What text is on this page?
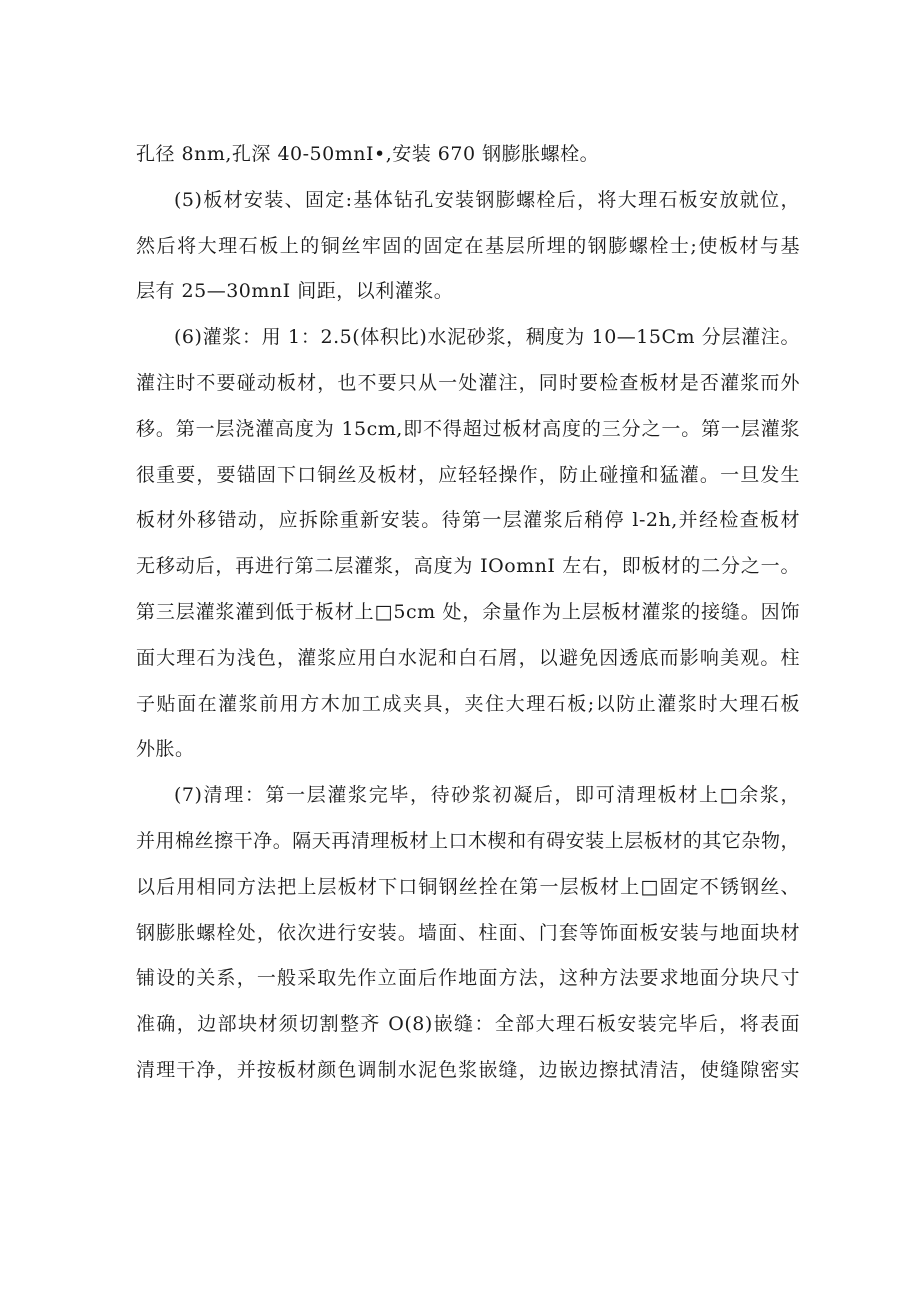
孔径 8nm,孔深 40-50mnI•,安装 670 钢膨胀螺栓。
(5)板材安装、固定:基体钻孔安装钢膨螺栓后，将大理石板安放就位，
然后将大理石板上的铜丝牢固的固定在基层所埋的钢膨螺栓士;使板材与基
层有 25—30mnI 间距，以利灌浆。
(6)灌浆：用 1：2.5(体积比)水泥砂浆，稠度为 10—15Cm 分层灌注。
灌注时不要碰动板材，也不要只从一处灌注，同时要检查板材是否灌浆而外
移。第一层浇灌高度为 15cm,即不得超过板材高度的三分之一。第一层灌浆
很重要，要锚固下口铜丝及板材，应轻轻操作，防止碰撞和猛灌。一旦发生
板材外移错动，应拆除重新安装。待第一层灌浆后稍停 l-2h,并经检查板材
无移动后，再进行第二层灌浆，高度为 IOomnI 左右，即板材的二分之一。
第三层灌浆灌到低于板材上□5cm 处，余量作为上层板材灌浆的接缝。因饰
面大理石为浅色，灌浆应用白水泥和白石屑，以避免因透底而影响美观。柱
子贴面在灌浆前用方木加工成夹具，夹住大理石板;以防止灌浆时大理石板
外胀。
(7)清理：第一层灌浆完毕，待砂浆初凝后，即可清理板材上□余浆，
并用棉丝擦干净。隔天再清理板材上口木楔和有碍安装上层板材的其它杂物，
以后用相同方法把上层板材下口铜钢丝拴在第一层板材上□固定不锈钢丝、
钢膨胀螺栓处，依次进行安装。墙面、柱面、门套等饰面板安装与地面块材
铺设的关系，一般采取先作立面后作地面方法，这种方法要求地面分块尺寸
准确，边部块材须切割整齐 O(8)嵌缝：全部大理石板安装完毕后，将表面
清理干净，并按板材颜色调制水泥色浆嵌缝，边嵌边擦拭清洁，使缝隙密实
